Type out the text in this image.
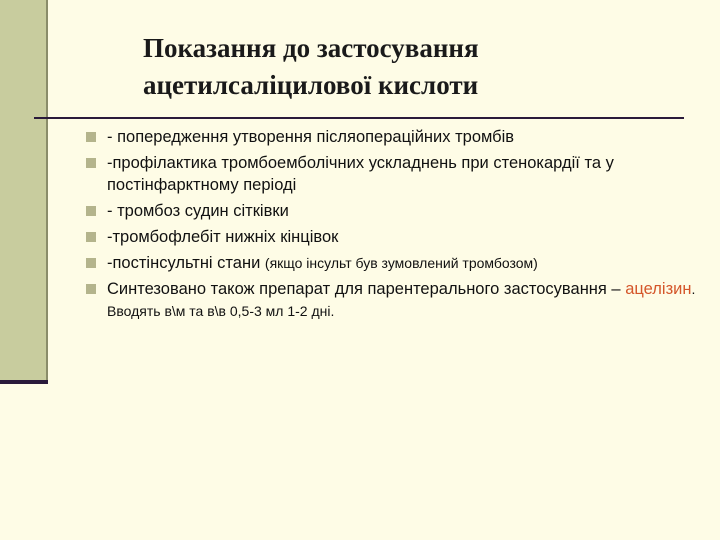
Показання до застосування
ацетилсаліцилової кислоти
- попередження утворення післяопераційних тромбів
-профілактика тромбоемболічних ускладнень при стенокардії та у постінфарктному періоді
- тромбоз судин сітківки
-тромбофлебіт нижніх кінцівок
-постінсультні стани (якщо інсульт був зумовлений тромбозом)
Синтезовано також препарат для парентерального застосування – ацелізин. Вводять в\м та в\в 0,5-3 мл 1-2 дні.
